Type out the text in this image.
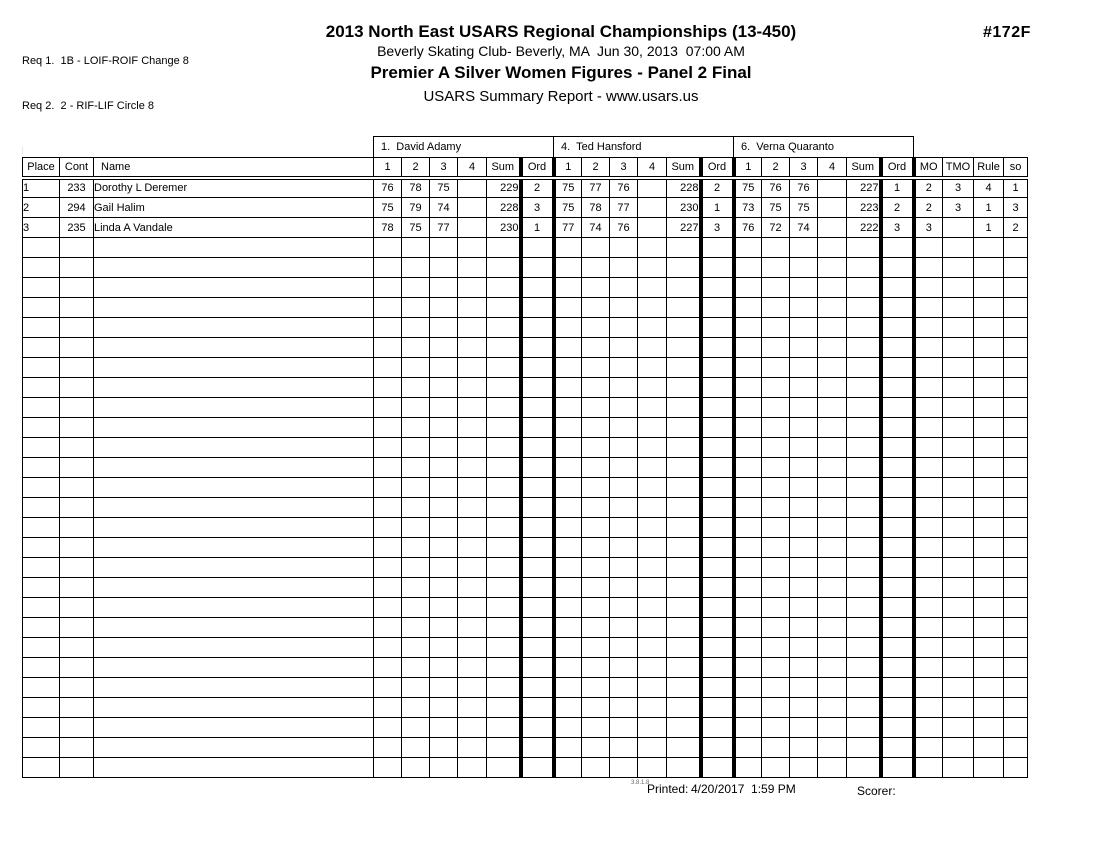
Req 1.  1B - LOIF-ROIF Change 8

Req 2.  2 - RIF-LIF Circle 8

2013 North East USARS Regional Championships (13-450)
Beverly Skating Club- Beverly, MA  Jun 30, 2013  07:00 AM
Premier A Silver Women Figures - Panel 2 Final
USARS Summary Report - www.usars.us
#172F
			1.  David Adamy						4.  Ted Hansford						6.  Verna Quaranto									
Place	Cont	Name	1	2	3	4	Sum	Ord	1	2	3	4	Sum	Ord	1	2	3	4	Sum	Ord	MO	TMO	Rule	so
1	233	Dorothy L Deremer	76	78	75		229	2	75	77	76		228	2	75	76	76		227	1	2	3	4	1
2	294	Gail Halim	75	79	74		228	3	75	78	77		230	1	73	75	75		223	2	2	3	1	3
3	235	Linda A Vandale	78	75	77		230	1	77	74	76		227	3	76	72	74		222	3	3		1	2

3.8.1.8
Printed: 4/20/2017  1:59 PM	Scorer:
